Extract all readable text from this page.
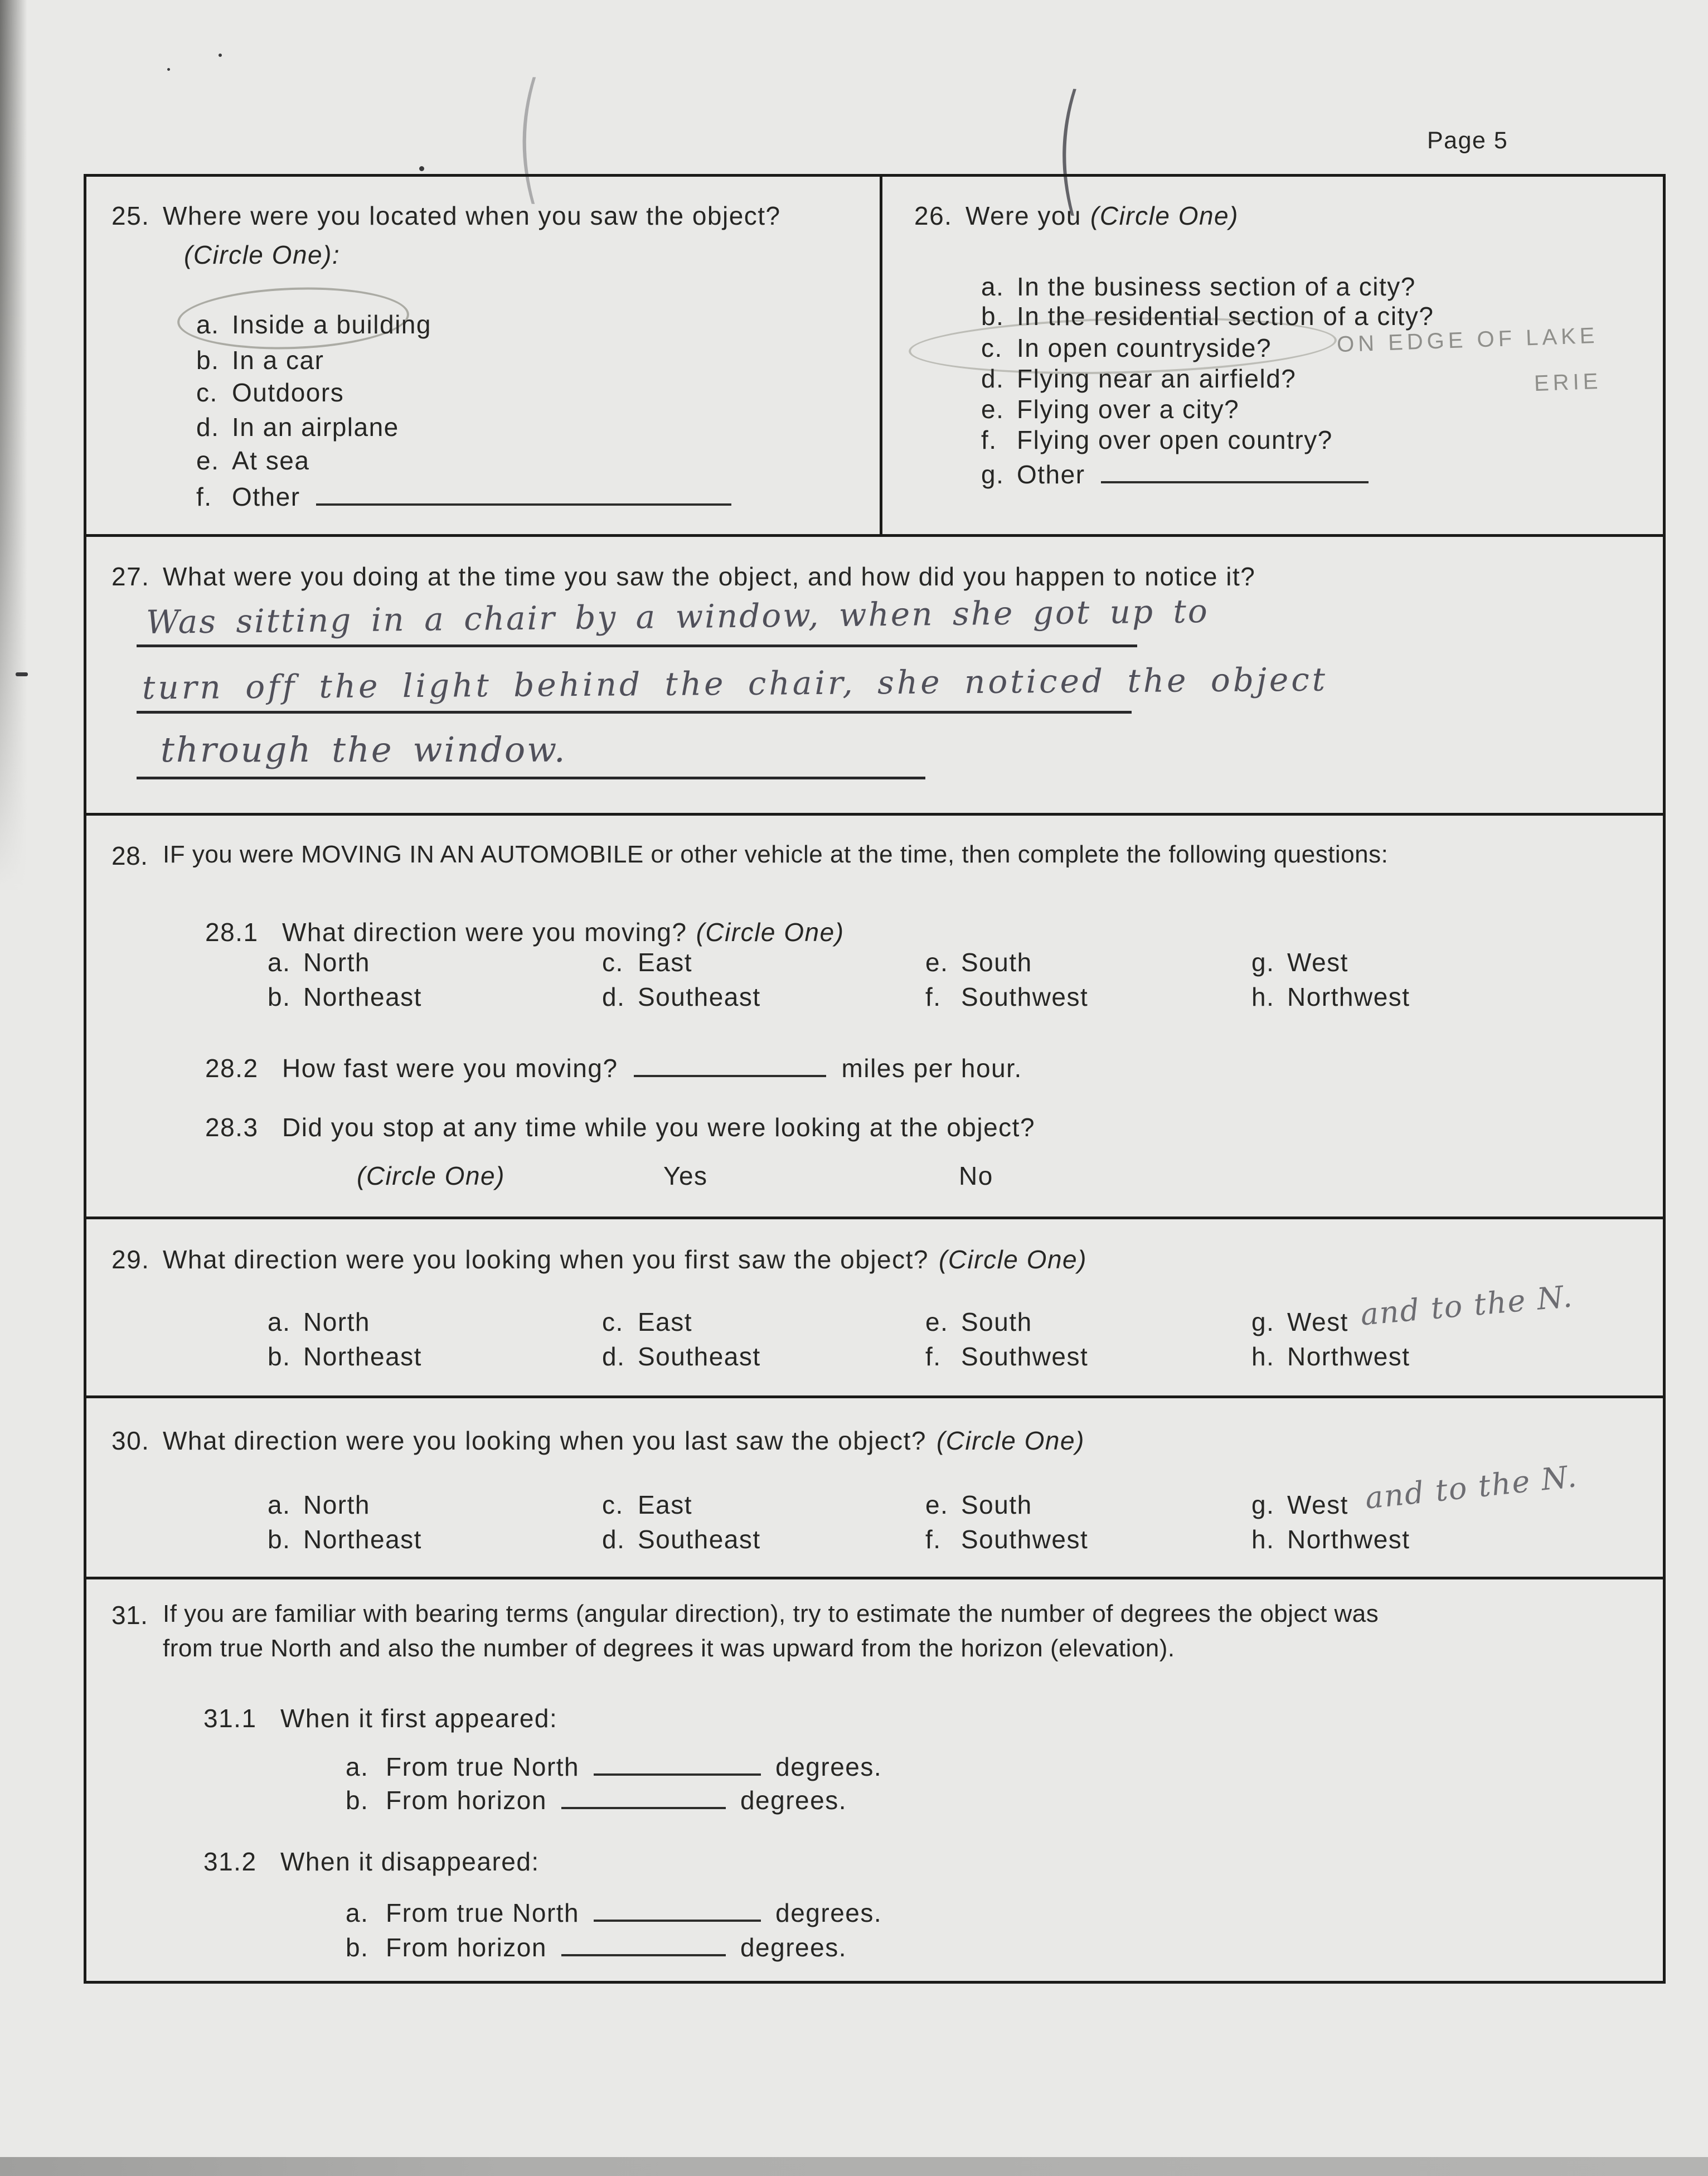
(	(	Page 5
25. Where were you located when you saw the object?
(Circle One):
a. Inside a building
b. In a car
c. Outdoors
d. In an airplane
e. At sea
f. Other
26. Were you (Circle One)
a. In the business section of a city?
b. In the residential section of a city?
c. In open countryside?
d. Flying near an airfield?
e. Flying over a city?
f. Flying over open country?
g. Other
ON EDGE OF LAKE
ERIE
27. What were you doing at the time you saw the object, and how did you happen to notice it?
Was sitting in a chair by a window, when she got up to
turn off the light behind the chair, she noticed the object
through the window.
28. IF you were MOVING IN AN AUTOMOBILE or other vehicle at the time, then complete the following questions:
28.1 What direction were you moving? (Circle One)
a. North
b. Northeast
c. East
d. Southeast
e. South
f. Southwest
g. West
h. Northwest
28.2 How fast were you moving?	miles per hour.
28.3 Did you stop at any time while you were looking at the object?
(Circle One)	Yes	No
29. What direction were you looking when you first saw the object? (Circle One)
a. North
b. Northeast
c. East
d. Southeast
e. South
f. Southwest
g. West
h. Northwest
and to the N.
30. What direction were you looking when you last saw the object? (Circle One)
a. North
b. Northeast
c. East
d. Southeast
e. South
f. Southwest
g. West
h. Northwest
and to the N.
31. If you are familiar with bearing terms (angular direction), try to estimate the number of degrees the object was
from true North and also the number of degrees it was upward from the horizon (elevation).
31.1 When it first appeared:
a. From true North	degrees.
b. From horizon	degrees.
31.2 When it disappeared:
a. From true North	degrees.
b. From horizon	degrees.
